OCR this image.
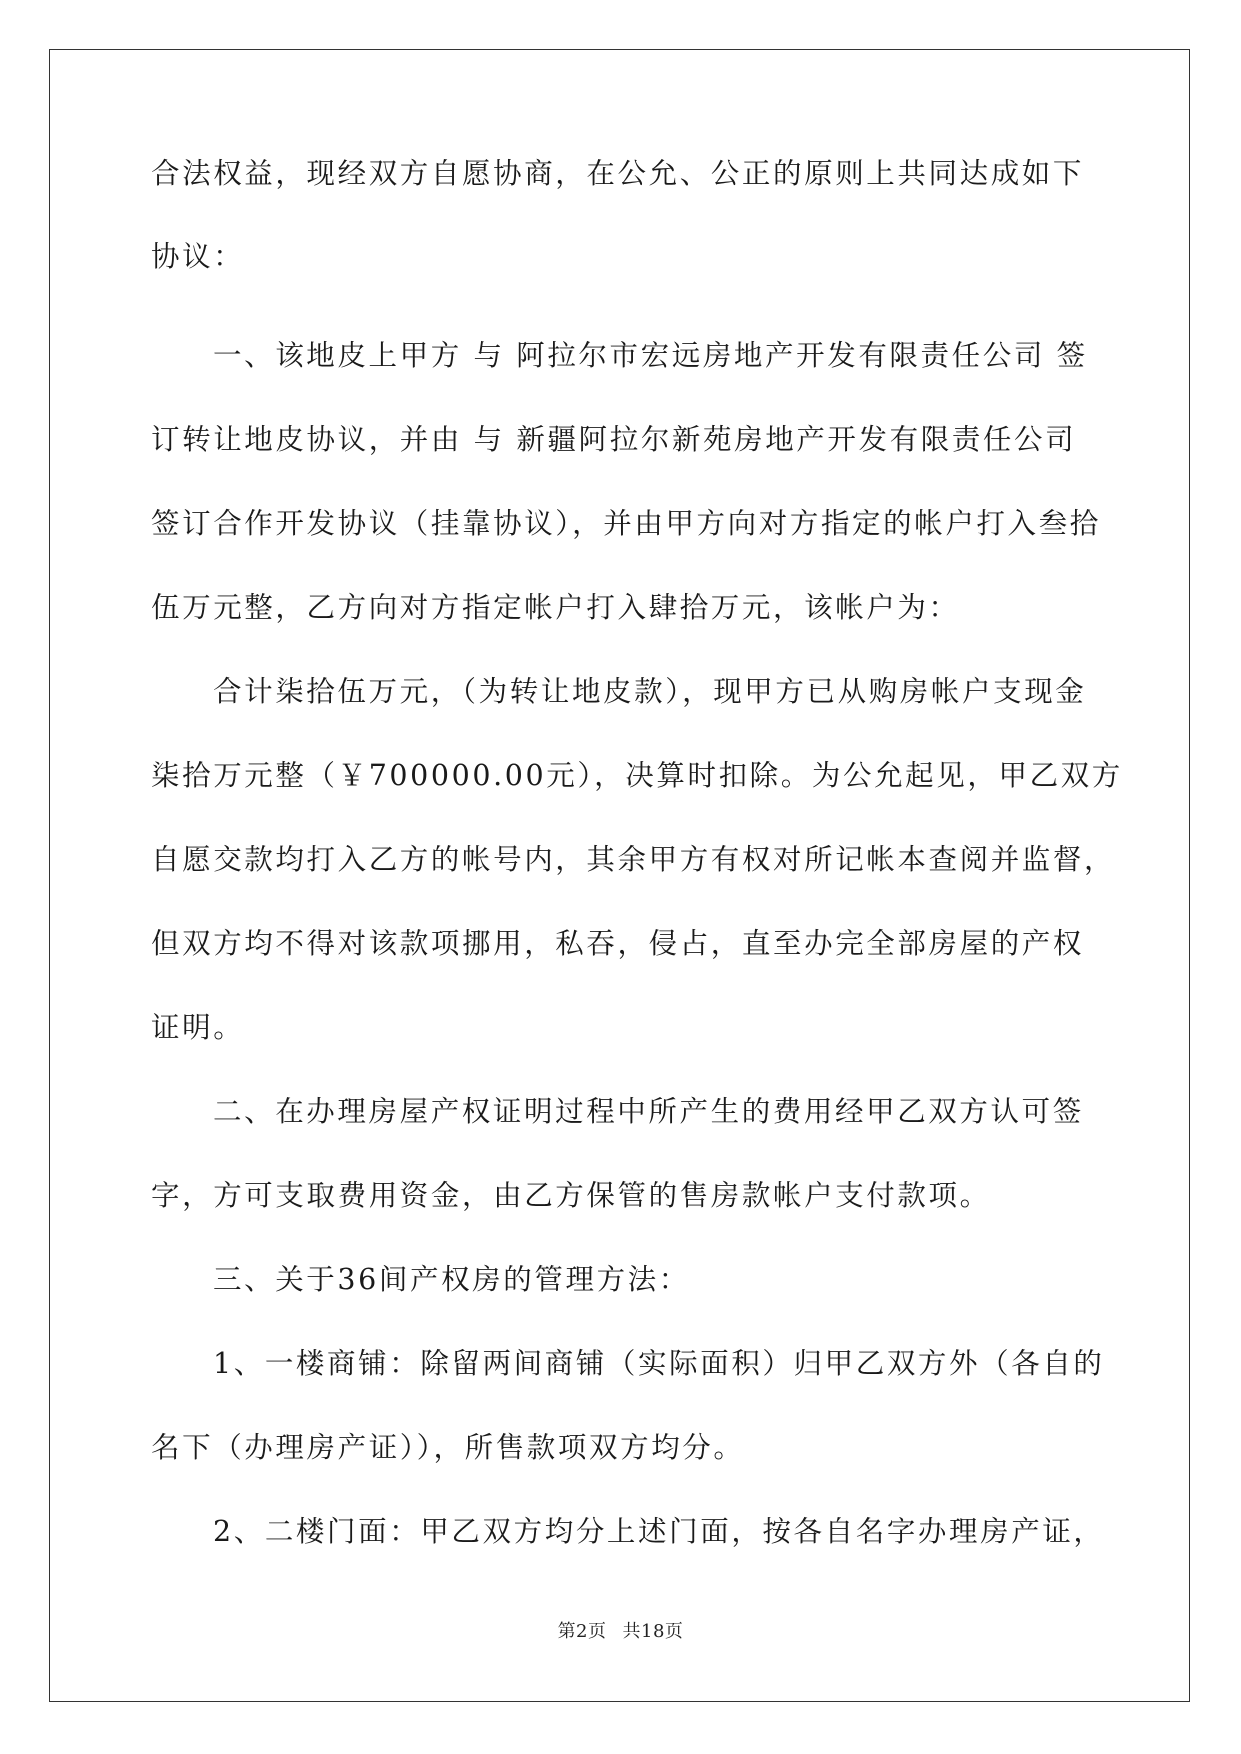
合法权益，现经双方自愿协商，在公允、公正的原则上共同达成如下
协议：
一、该地皮上甲方 与 阿拉尔市宏远房地产开发有限责任公司 签
订转让地皮协议，并由 与 新疆阿拉尔新苑房地产开发有限责任公司
签订合作开发协议（挂靠协议），并由甲方向对方指定的帐户打入叁拾
伍万元整，乙方向对方指定帐户打入肆拾万元，该帐户为：
合计柒拾伍万元，（为转让地皮款），现甲方已从购房帐户支现金
柒拾万元整（￥700000.00元），决算时扣除。为公允起见，甲乙双方
自愿交款均打入乙方的帐号内，其余甲方有权对所记帐本查阅并监督，
但双方均不得对该款项挪用，私吞，侵占，直至办完全部房屋的产权
证明。
二、在办理房屋产权证明过程中所产生的费用经甲乙双方认可签
字，方可支取费用资金，由乙方保管的售房款帐户支付款项。
三、关于36间产权房的管理方法：
1、一楼商铺：除留两间商铺（实际面积）归甲乙双方外（各自的
名下（办理房产证）），所售款项双方均分。
2、二楼门面：甲乙双方均分上述门面，按各自名字办理房产证，
第2页 共18页
